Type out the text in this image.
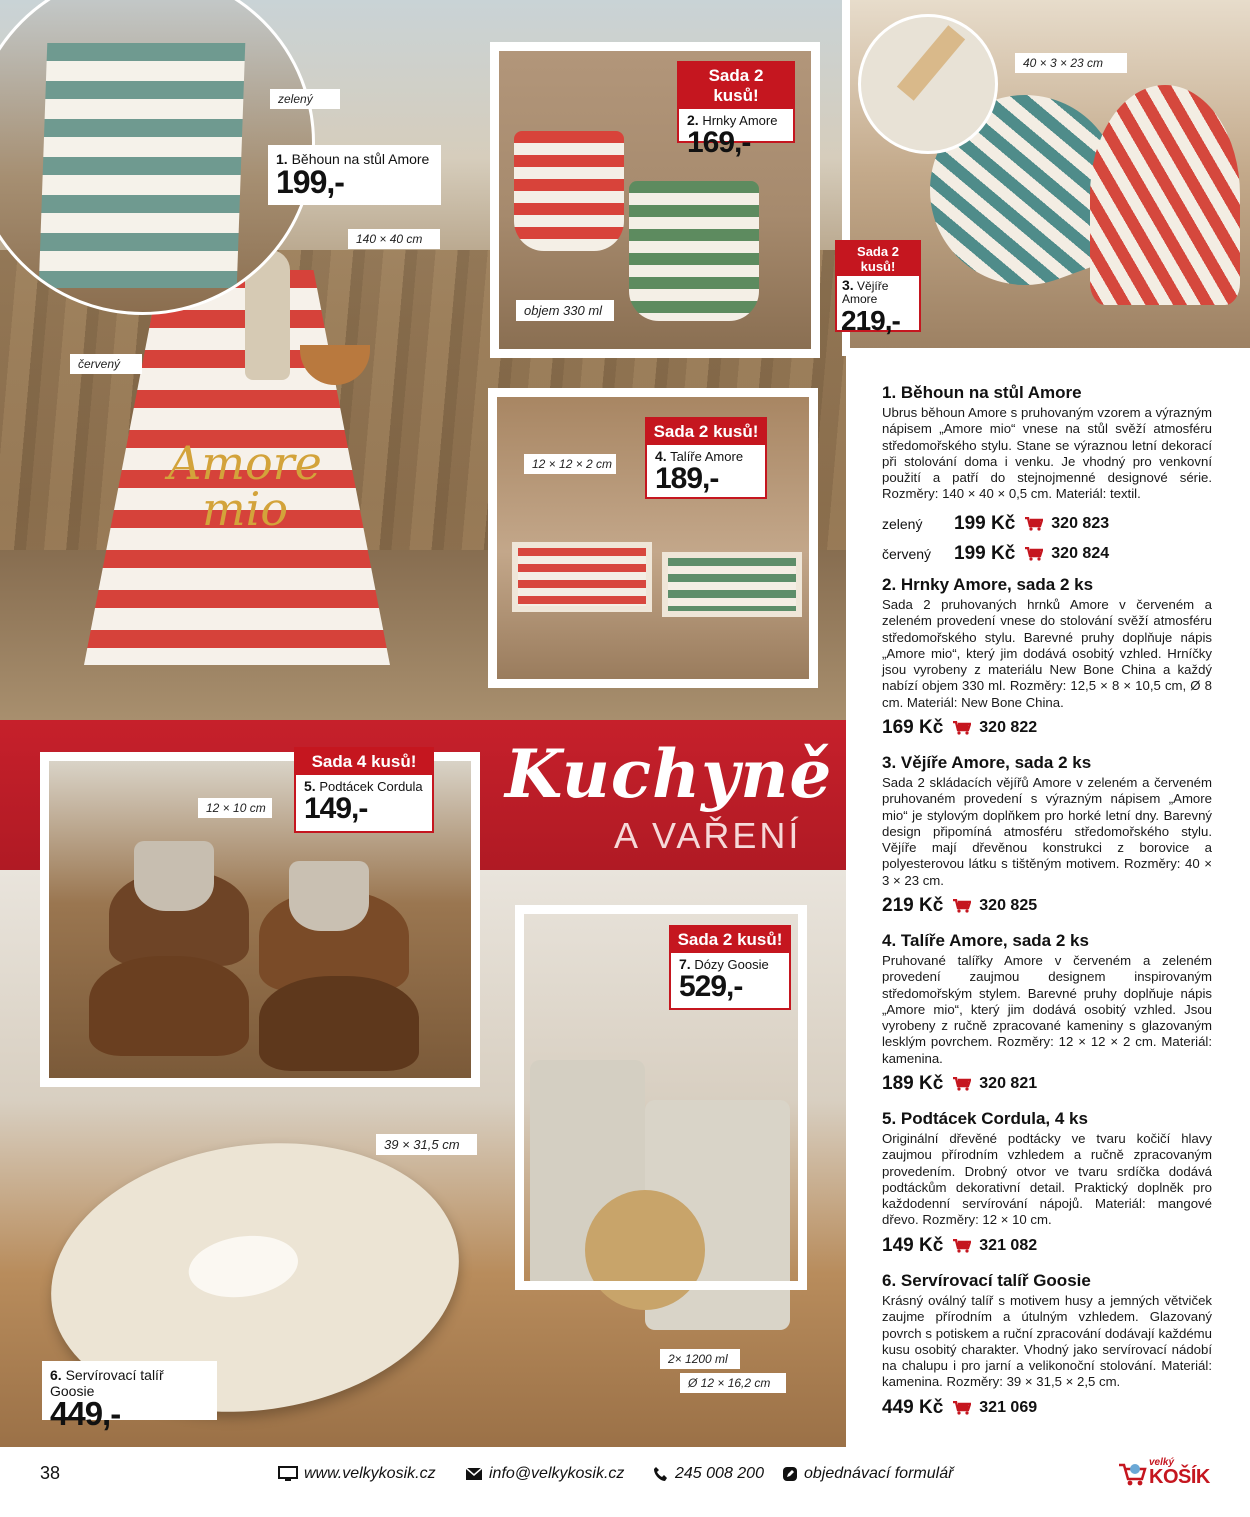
Amore
mio
zelený
červený
140 × 40 cm
1. Běhoun na stůl Amore
199,-
Sada 2 kusů!
2. Hrnky Amore
169,-
objem 330 ml
40 × 3 × 23 cm
Sada 2 kusů!
3. Vějíře Amore
219,-
12 × 12 × 2 cm
Sada 2 kusů!
4. Talíře Amore
189,-
Kuchyně
A VAŘENÍ
12 × 10 cm
Sada 4 kusů!
5. Podtácek Cordula
149,-
Sada 2 kusů!
7. Dózy Goosie
529,-
39 × 31,5 cm
2× 1200 ml
Ø 12 × 16,2 cm
6. Servírovací talíř Goosie
449,-
1. Běhoun na stůl Amore

Ubrus běhoun Amore s pruhovaným vzorem a výrazným nápisem „Amore mio“ vnese na stůl svěží atmosféru středomořského stylu. Stane se výraznou letní dekorací při stolování doma i venku. Je vhodný pro venkovní použití a patří do stejnojmenné designové série. Rozměry: 140 × 40 × 0,5 cm. Materiál: textil.

zelený	199 Kč 320 823
červený	199 Kč 320 824
2. Hrnky Amore, sada 2 ks

Sada 2 pruhovaných hrnků Amore v červeném a zeleném provedení vnese do stolování svěží atmosféru středomořského stylu. Barevné pruhy doplňuje nápis „Amore mio“, který jim dodává osobitý vzhled. Hrníčky jsou vyrobeny z materiálu New Bone China a každý nabízí objem 330 ml. Rozměry: 12,5 × 8 × 10,5 cm, Ø 8 cm. Materiál: New Bone China.

169 Kč 320 822
3. Vějíře Amore, sada 2 ks

Sada 2 skládacích vějířů Amore v zeleném a červeném pruhovaném provedení s výrazným nápisem „Amore mio“ je stylovým doplňkem pro horké letní dny. Barevný design připomíná atmosféru středomořského stylu. Vějíře mají dřevěnou konstrukci z borovice a polyesterovou látku s tištěným motivem. Rozměry: 40 × 3 × 23 cm.

219 Kč 320 825
4. Talíře Amore, sada 2 ks

Pruhované talířky Amore v červeném a zeleném provedení zaujmou designem inspirovaným středomořským stylem. Barevné pruhy doplňuje nápis „Amore mio“, který jim dodává osobitý vzhled. Jsou vyrobeny z ručně zpracované kameniny s glazovaným lesklým povrchem. Rozměry: 12 × 12 × 2 cm. Materiál: kamenina.

189 Kč 320 821
5. Podtácek Cordula, 4 ks

Originální dřevěné podtácky ve tvaru kočičí hlavy zaujmou přírodním vzhledem a ručně zpracovaným provedením. Drobný otvor ve tvaru srdíčka dodává podtáckům dekorativní detail. Praktický doplněk pro každodenní servírování nápojů. Materiál: mangové dřevo. Rozměry: 12 × 10 cm.

149 Kč 321 082
6. Servírovací talíř Goosie

Krásný oválný talíř s motivem husy a jemných větviček zaujme přírodním a útulným vzhledem. Glazovaný povrch s potiskem a ruční zpracování dodávají každému kusu osobitý charakter. Vhodný jako servírovací nádobí na chalupu i pro jarní a velikonoční stolování. Materiál: kamenina. Rozměry: 39 × 31,5 × 2,5 cm.

449 Kč 321 069
38	www.velkykosik.cz	info@velkykosik.cz	245 008 200	objednávací formulář
velký
KOŠÍK
